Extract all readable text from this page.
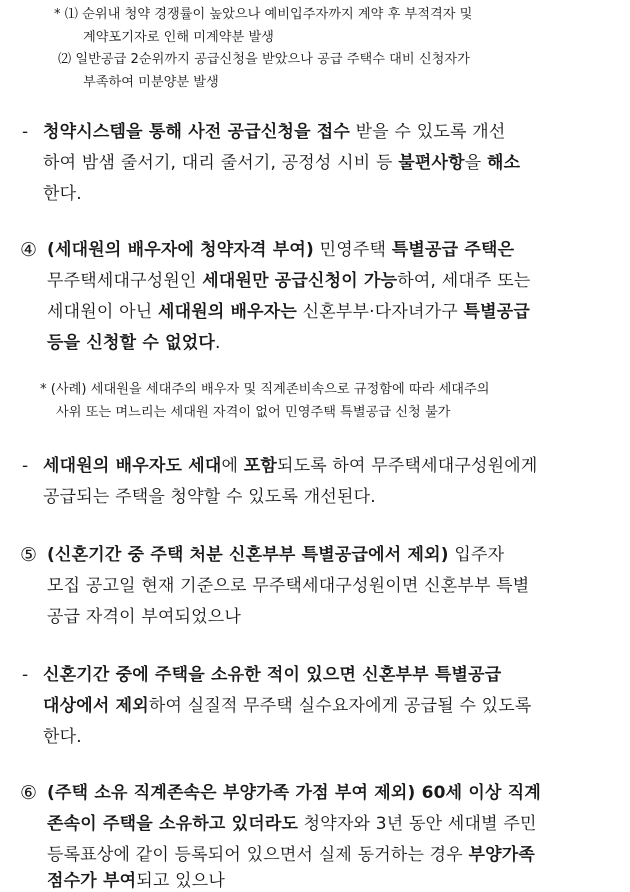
* ⑴ 순위내 청약 경쟁률이 높았으나 예비입주자까지 계약 후 부적격자 및
계약포기자로 인해 미계약분 발생
⑵ 일반공급 2순위까지 공급신청을 받았으나 공급 주택수 대비 신청자가
부족하여 미분양분 발생
- 청약시스템을 통해 사전 공급신청을 접수 받을 수 있도록 개선
하여 밤샘 줄서기, 대리 줄서기, 공정성 시비 등 불편사항을 해소
한다.
④ (세대원의 배우자에 청약자격 부여) 민영주택 특별공급 주택은
무주택세대구성원인 세대원만 공급신청이 가능하여, 세대주 또는
세대원이 아닌 세대원의 배우자는 신혼부부·다자녀가구 특별공급
등을 신청할 수 없었다.
* (사례) 세대원을 세대주의 배우자 및 직계존비속으로 규정함에 따라 세대주의
사위 또는 며느리는 세대원 자격이 없어 민영주택 특별공급 신청 불가
- 세대원의 배우자도 세대에 포함되도록 하여 무주택세대구성원에게
공급되는 주택을 청약할 수 있도록 개선된다.
⑤ (신혼기간 중 주택 처분 신혼부부 특별공급에서 제외) 입주자
모집 공고일 현재 기준으로 무주택세대구성원이면 신혼부부 특별
공급 자격이 부여되었으나
- 신혼기간 중에 주택을 소유한 적이 있으면 신혼부부 특별공급
대상에서 제외하여 실질적 무주택 실수요자에게 공급될 수 있도록
한다.
⑥ (주택 소유 직계존속은 부양가족 가점 부여 제외) 60세 이상 직계
존속이 주택을 소유하고 있더라도 청약자와 3년 동안 세대별 주민
등록표상에 같이 등록되어 있으면서 실제 동거하는 경우 부양가족
점수가 부여되고 있으나
